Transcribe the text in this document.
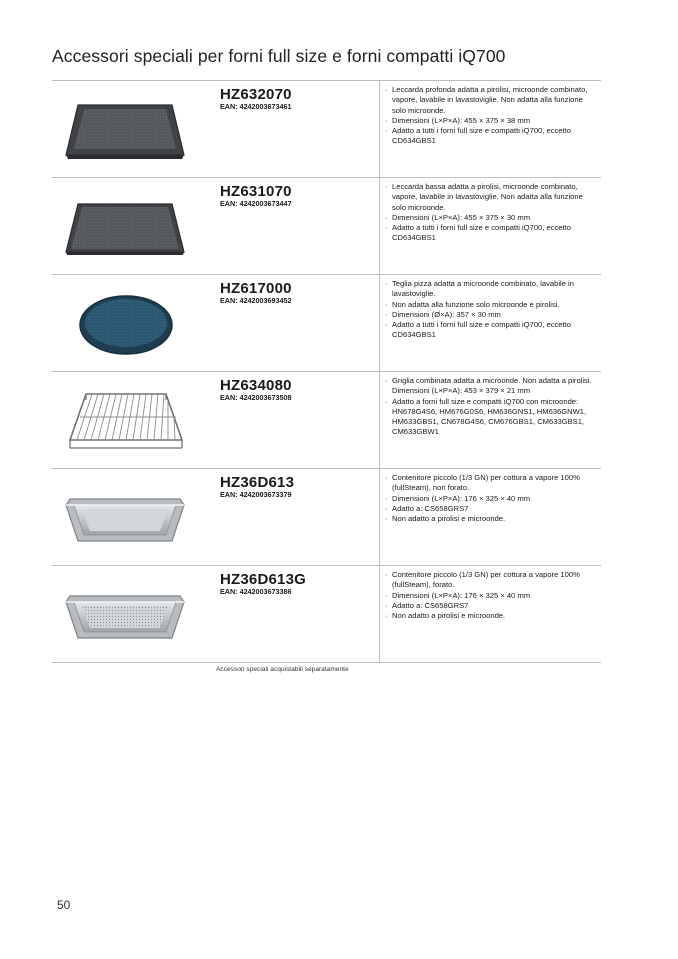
Accessori speciali per forni full size e forni compatti iQ700
HZ632070
EAN: 4242003673461
· Leccarda profonda adatta a pirolisi, microonde combinato, vapore, lavabile in lavastoviglie. Non adatta alla funzione solo microonde.
· Dimensioni (L×P×A): 455 × 375 × 38 mm
· Adatto a tutti i forni full size e compatti iQ700, eccetto CD634GBS1
HZ631070
EAN: 4242003673447
· Leccarda bassa adatta a pirolisi, microonde combinato, vapore, lavabile in lavastoviglie. Non adatta alla funzione solo microonde.
· Dimensioni (L×P×A): 455 × 375 × 30 mm
· Adatto a tutti i forni full size e compatti iQ700, eccetto CD634GBS1
HZ617000
EAN: 4242003693452
· Teglia pizza adatta a microonde combinato, lavabile in lavastoviglie.
· Non adatta alla funzione solo microonde e pirolisi.
· Dimensioni (Ø×A): 357 × 30 mm
· Adatto a tutti i forni full size e compatti iQ700, eccetto CD634GBS1
HZ634080
EAN: 4242003673508
· Griglia combinata adatta a microonde. Non adatta a pirolisi. Dimensioni (L×P×A): 453 × 379 × 21 mm
· Adatto a forni full size e compatti iQ700 con microonde: HN678G4S6, HM676G0S6, HM636GNS1, HM636GNW1, HM633GBS1, CN678G4S6, CM676GBS1, CM633GBS1, CM633GBW1
HZ36D613
EAN: 4242003673379
· Contenitore piccolo (1/3 GN) per cottura a vapore 100% (fullSteam), non forato.
· Dimensioni (L×P×A): 176 × 325 × 40 mm
· Adatto a: CS658GRS7
· Non adatto a pirolisi e microonde.
HZ36D613G
EAN: 4242003673386
· Contenitore piccolo (1/3 GN) per cottura a vapore 100% (fullSteam), forato.
· Dimensioni (L×P×A): 176 × 325 × 40 mm
· Adatto a: CS658GRS7
· Non adatto a pirolisi e microonde.
Accessori speciali acquistabili separatamente
50
